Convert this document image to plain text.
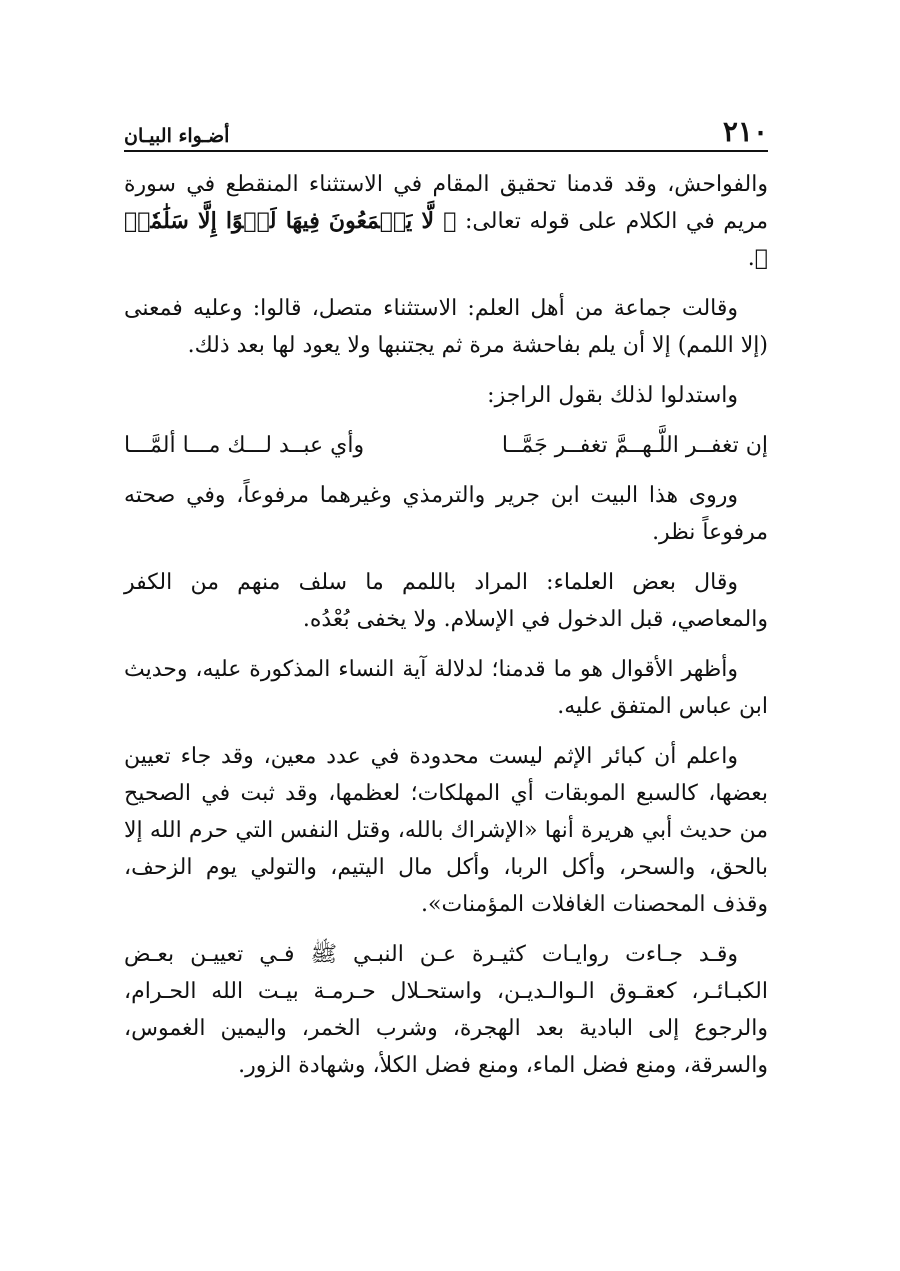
٢١٠
أضـواء البيـان

والفواحش، وقد قدمنا تحقيق المقام في الاستثناء المنقطع في سورة مريم في الكلام على قوله تعالى: ﴿ لَّا يَسۡمَعُونَ فِيهَا لَغۡوًا إِلَّا سَلَٰمٗاۖ ﴾.

وقالت جماعة من أهل العلم: الاستثناء متصل، قالوا: وعليه فمعنى (إلا اللمم) إلا أن يلم بفاحشة مرة ثم يجتنبها ولا يعود لها بعد ذلك.

واستدلوا لذلك بقول الراجز:

إن تغفــر اللَّـهــمَّ تغفــر جَمَّــا
وأي عبــد لـــك مـــا ألمَّـــا

وروى هذا البيت ابن جرير والترمذي وغيرهما مرفوعاً، وفي صحته مرفوعاً نظر.

وقال بعض العلماء: المراد باللمم ما سلف منهم من الكفر والمعاصي، قبل الدخول في الإسلام. ولا يخفى بُعْدُه.

وأظهر الأقوال هو ما قدمنا؛ لدلالة آية النساء المذكورة عليه، وحديث ابن عباس المتفق عليه.

واعلم أن كبائر الإثم ليست محدودة في عدد معين، وقد جاء تعيين بعضها، كالسبع الموبقات أي المهلكات؛ لعظمها، وقد ثبت في الصحيح من حديث أبي هريرة أنها «الإشراك بالله، وقتل النفس التي حرم الله إلا بالحق، والسحر، وأكل الربا، وأكل مال اليتيم، والتولي يوم الزحف، وقذف المحصنات الغافلات المؤمنات».

وقـد جـاءت روايـات كثيـرة عـن النبـي ﷺ فـي تعييـن بعـض الكبـائـر، كعقـوق الـوالـديـن، واستحـلال حـرمـة بيـت الله الحـرام، والرجوع إلى البادية بعد الهجرة، وشرب الخمر، واليمين الغموس، والسرقة، ومنع فضل الماء، ومنع فضل الكلأ، وشهادة الزور.
